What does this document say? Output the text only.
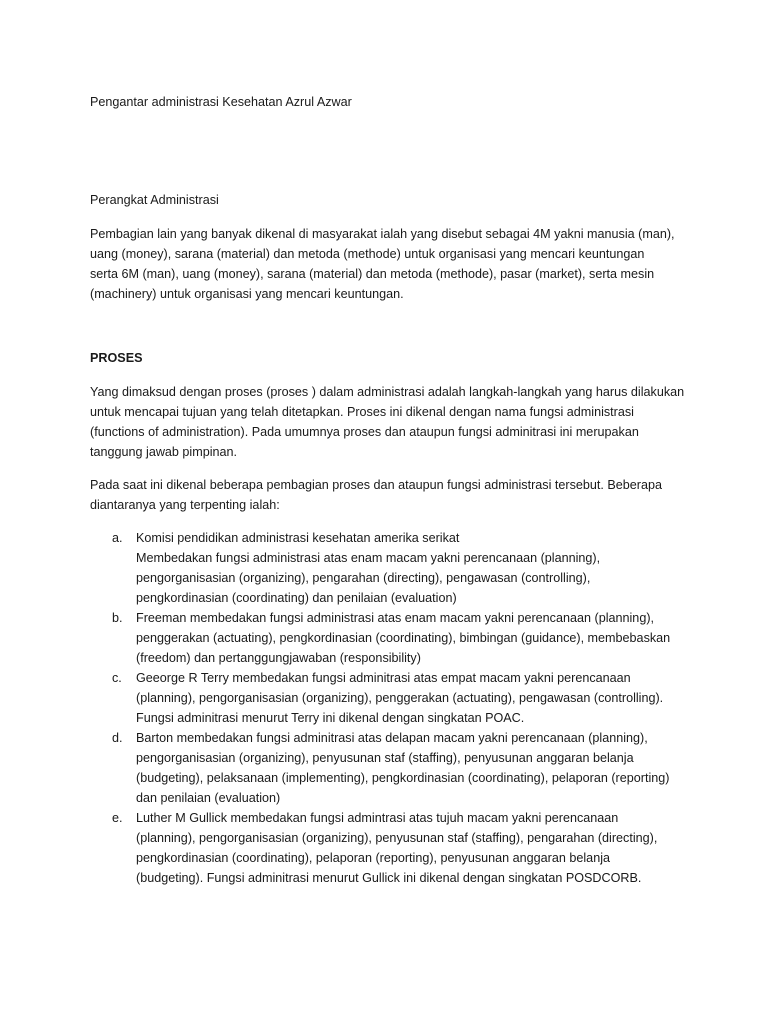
Pengantar administrasi Kesehatan Azrul Azwar

Perangkat Administrasi

Pembagian lain yang banyak dikenal di masyarakat ialah yang disebut sebagai 4M yakni manusia (man),
uang (money), sarana (material) dan metoda (methode) untuk organisasi yang mencari keuntungan
serta 6M (man), uang (money), sarana (material) dan metoda (methode), pasar (market), serta mesin
(machinery) untuk organisasi yang mencari keuntungan.

PROSES

Yang dimaksud dengan proses (proses ) dalam administrasi adalah langkah-langkah yang harus dilakukan
untuk mencapai tujuan yang telah ditetapkan. Proses ini dikenal dengan nama fungsi administrasi
(functions of administration). Pada umumnya proses dan ataupun fungsi adminitrasi ini merupakan
tanggung jawab pimpinan.

Pada saat ini dikenal beberapa pembagian proses dan ataupun fungsi administrasi tersebut. Beberapa
diantaranya yang terpenting ialah:

a. Komisi pendidikan administrasi kesehatan amerika serikat
Membedakan fungsi administrasi atas enam macam yakni perencanaan (planning),
pengorganisasian (organizing), pengarahan (directing), pengawasan (controlling),
pengkordinasian (coordinating) dan penilaian (evaluation)
b. Freeman membedakan fungsi administrasi atas enam macam yakni perencanaan (planning),
penggerakan (actuating), pengkordinasian (coordinating), bimbingan (guidance), membebaskan
(freedom) dan pertanggungjawaban (responsibility)
c. Geeorge R Terry membedakan fungsi adminitrasi atas empat macam yakni perencanaan
(planning), pengorganisasian (organizing), penggerakan (actuating), pengawasan (controlling).
Fungsi adminitrasi menurut Terry ini dikenal dengan singkatan POAC.
d. Barton membedakan fungsi adminitrasi atas delapan macam yakni perencanaan (planning),
pengorganisasian (organizing), penyusunan staf (staffing), penyusunan anggaran belanja
(budgeting), pelaksanaan (implementing), pengkordinasian (coordinating), pelaporan (reporting)
dan penilaian (evaluation)
e. Luther M Gullick membedakan fungsi admintrasi atas tujuh macam yakni perencanaan
(planning), pengorganisasian (organizing), penyusunan staf (staffing), pengarahan (directing),
pengkordinasian (coordinating), pelaporan (reporting), penyusunan anggaran belanja
(budgeting). Fungsi adminitrasi menurut Gullick ini dikenal dengan singkatan POSDCORB.
